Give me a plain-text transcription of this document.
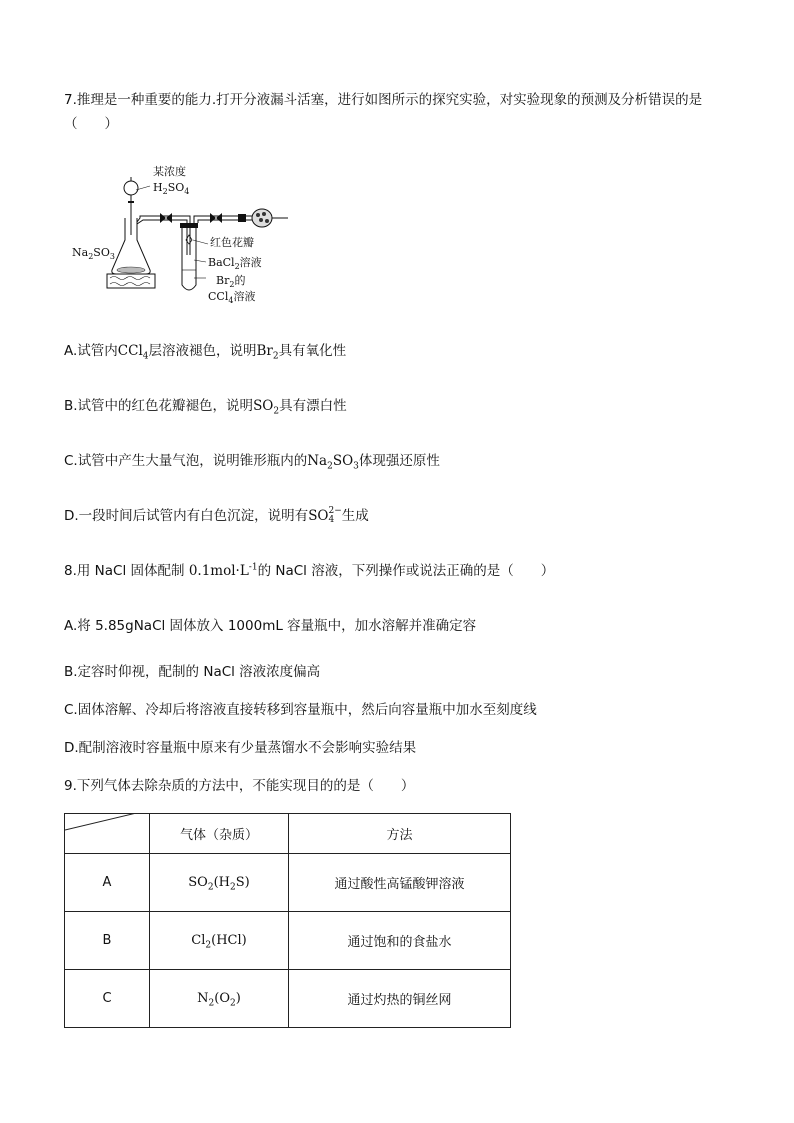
7.推理是一种重要的能力.打开分液漏斗活塞，进行如图所示的探究实验，对实验现象的预测及分析错误的是
（　　）
某浓度
$H_2SO_4$
$Na_2SO_3$
红色花瓣
BaCl$_2$溶液
$Br_2$的
CCl$_4$溶液
A.试管内CCl$_4$层溶液褪色，说明$Br_2$具有氧化性
B.试管中的红色花瓣褪色，说明$SO_2$具有漂白性
C.试管中产生大量气泡，说明锥形瓶内的$Na_2SO_3$体现强还原性
D.一段时间后试管内有白色沉淀，说明有SO 2−
4 生成
8.用 NaCl 固体配制 $0.1mol\cdot L^{-1}$的 NaCl 溶液，下列操作或说法正确的是（　　）
A.将 5.85gNaCl 固体放入 1000mL 容量瓶中，加水溶解并准确定容
B.定容时仰视，配制的 NaCl 溶液浓度偏高
C.固体溶解、冷却后将溶液直接转移到容量瓶中，然后向容量瓶中加水至刻度线
D.配制溶液时容量瓶中原来有少量蒸馏水不会影响实验结果
9.下列气体去除杂质的方法中，不能实现目的的是（　　）
	气体（杂质）	方法
A	$SO_2(H_2S)$	通过酸性高锰酸钾溶液
B	$Cl_2(HCl)$	通过饱和的食盐水
C	$N_2(O_2)$	通过灼热的铜丝网
